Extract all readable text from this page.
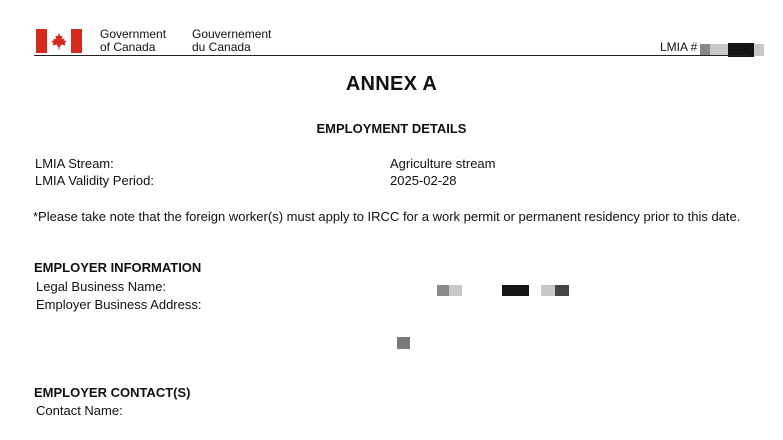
Government
of Canada
Gouvernement
du Canada	LMIA #
ANNEX A
EMPLOYMENT DETAILS
LMIA Stream:	Agriculture stream
LMIA Validity Period:	2025-02-28
*Please take note that the foreign worker(s) must apply to IRCC for a work permit or permanent residency prior to this date.
EMPLOYER INFORMATION
Legal Business Name:
Employer Business Address:
EMPLOYER CONTACT(S)
Contact Name:
